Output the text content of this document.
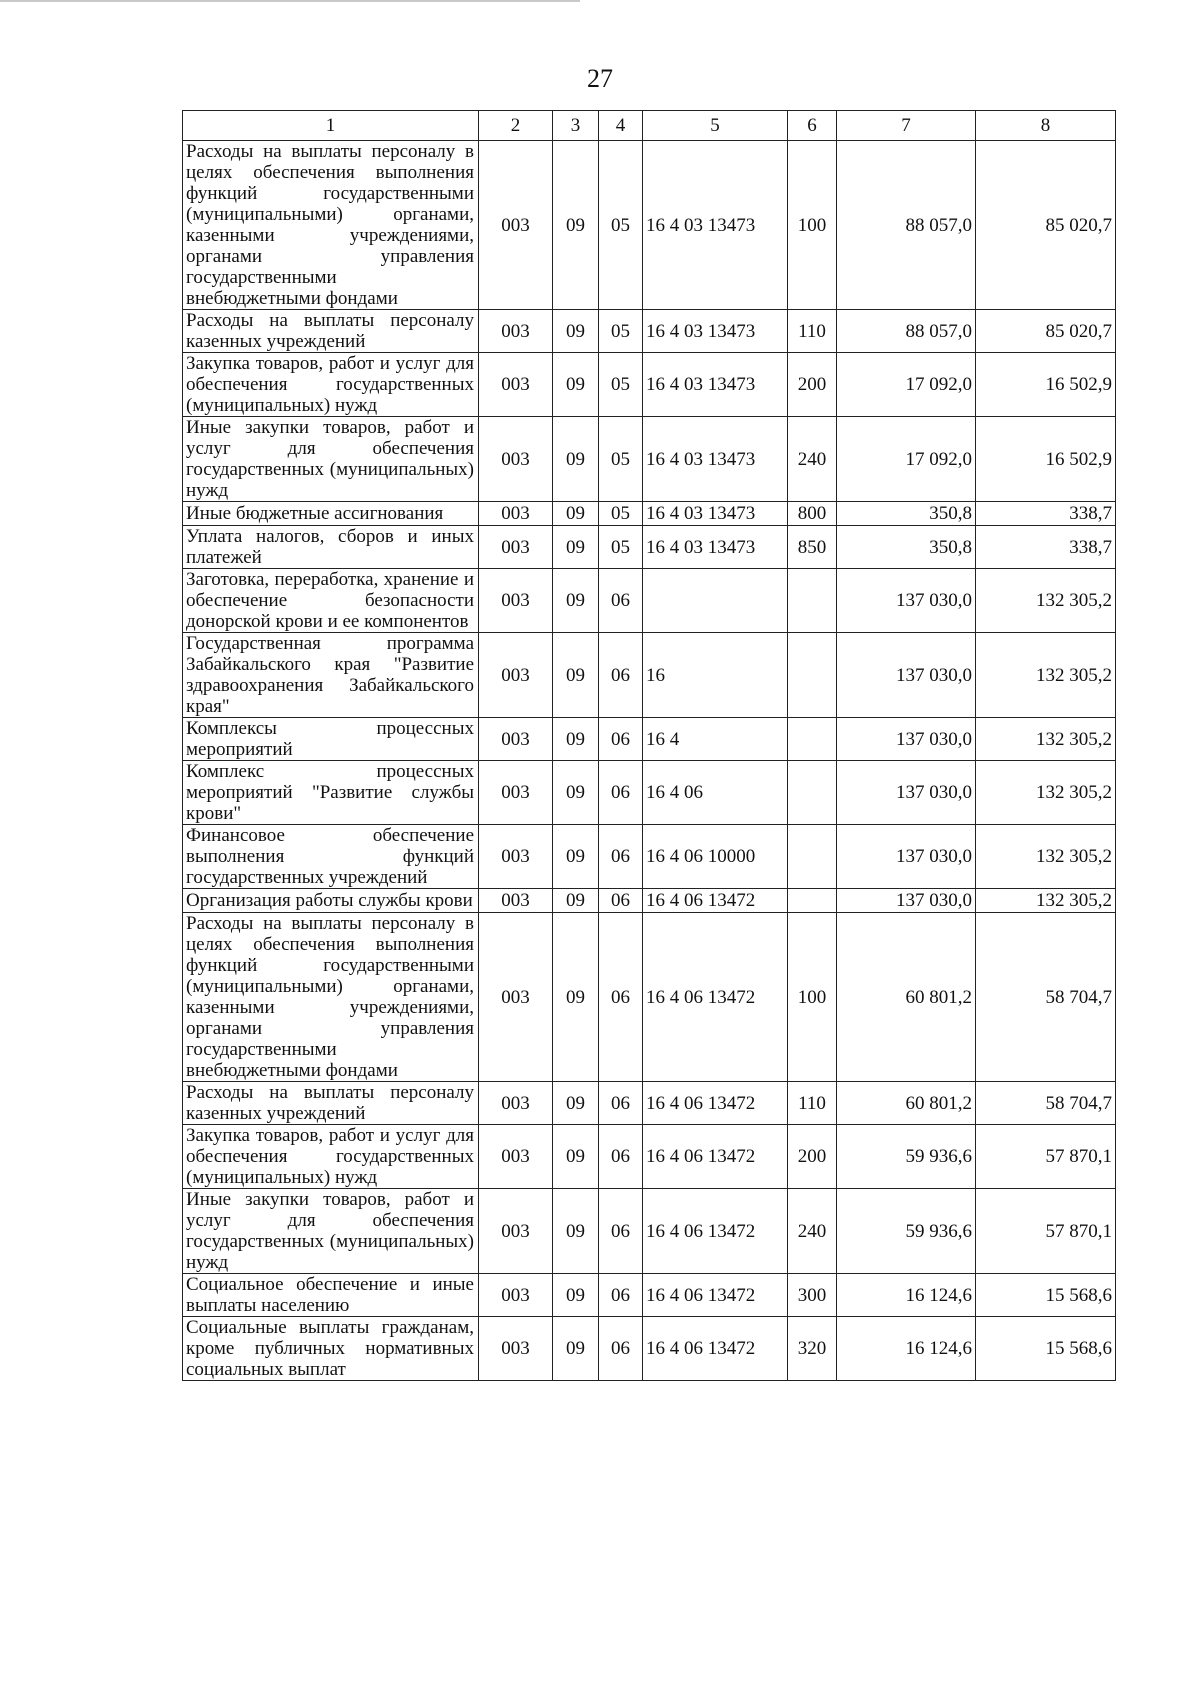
27
1	2	3	4	5	6	7	8
Расходы на выплаты персоналу в целях обеспечения выполнения функций государственными (муниципальными) органами, казенными учреждениями, органами управления государственными внебюджетными фондами	003	09	05	16 4 03 13473	100	88 057,0	85 020,7
Расходы на выплаты персоналу казенных учреждений	003	09	05	16 4 03 13473	110	88 057,0	85 020,7
Закупка товаров, работ и услуг для обеспечения государственных (муниципальных) нужд	003	09	05	16 4 03 13473	200	17 092,0	16 502,9
Иные закупки товаров, работ и услуг для обеспечения государственных (муниципальных) нужд	003	09	05	16 4 03 13473	240	17 092,0	16 502,9
Иные бюджетные ассигнования	003	09	05	16 4 03 13473	800	350,8	338,7
Уплата налогов, сборов и иных платежей	003	09	05	16 4 03 13473	850	350,8	338,7
Заготовка, переработка, хранение и обеспечение безопасности донорской крови и ее компонентов	003	09	06			137 030,0	132 305,2
Государственная программа Забайкальского края "Развитие здравоохранения Забайкальского края"	003	09	06	16		137 030,0	132 305,2
Комплексы процессных мероприятий	003	09	06	16 4		137 030,0	132 305,2
Комплекс процессных мероприятий "Развитие службы крови"	003	09	06	16 4 06		137 030,0	132 305,2
Финансовое обеспечение выполнения функций государственных учреждений	003	09	06	16 4 06 10000		137 030,0	132 305,2
Организация работы службы крови	003	09	06	16 4 06 13472		137 030,0	132 305,2
Расходы на выплаты персоналу в целях обеспечения выполнения функций государственными (муниципальными) органами, казенными учреждениями, органами управления государственными внебюджетными фондами	003	09	06	16 4 06 13472	100	60 801,2	58 704,7
Расходы на выплаты персоналу казенных учреждений	003	09	06	16 4 06 13472	110	60 801,2	58 704,7
Закупка товаров, работ и услуг для обеспечения государственных (муниципальных) нужд	003	09	06	16 4 06 13472	200	59 936,6	57 870,1
Иные закупки товаров, работ и услуг для обеспечения государственных (муниципальных) нужд	003	09	06	16 4 06 13472	240	59 936,6	57 870,1
Социальное обеспечение и иные выплаты населению	003	09	06	16 4 06 13472	300	16 124,6	15 568,6
Социальные выплаты гражданам, кроме публичных нормативных социальных выплат	003	09	06	16 4 06 13472	320	16 124,6	15 568,6
